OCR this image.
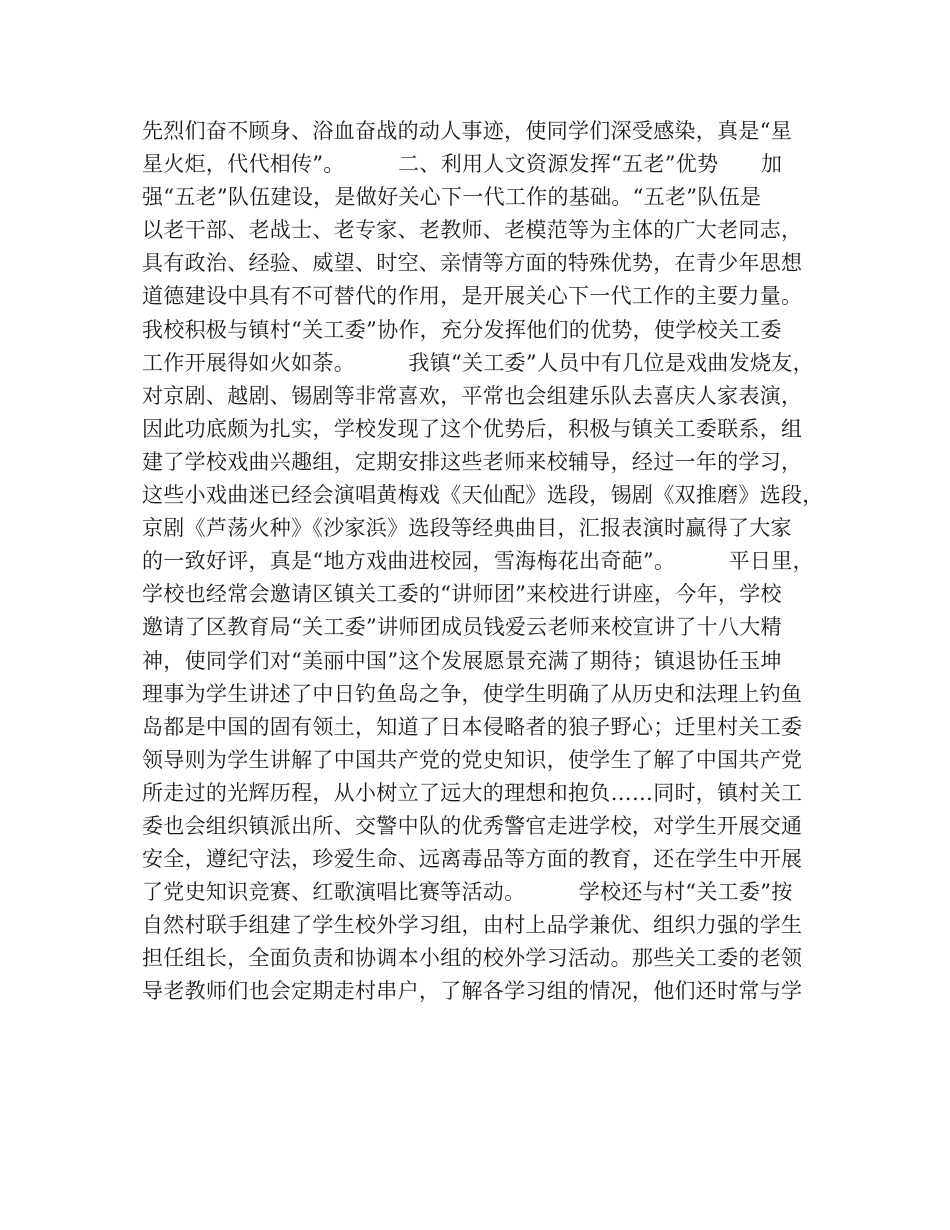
先烈们奋不顾身、浴血奋战的动人事迹，使同学们深受感染，真是“星
星火炬，代代相传”。　　　二、利用人文资源发挥“五老”优势　　加
强“五老”队伍建设，是做好关心下一代工作的基础。“五老”队伍是
以老干部、老战士、老专家、老教师、老模范等为主体的广大老同志，
具有政治、经验、威望、时空、亲情等方面的特殊优势，在青少年思想
道德建设中具有不可替代的作用，是开展关心下一代工作的主要力量。
我校积极与镇村“关工委”协作，充分发挥他们的优势，使学校关工委
工作开展得如火如荼。　　　我镇“关工委”人员中有几位是戏曲发烧友，
对京剧、越剧、锡剧等非常喜欢，平常也会组建乐队去喜庆人家表演，
因此功底颇为扎实，学校发现了这个优势后，积极与镇关工委联系，组
建了学校戏曲兴趣组，定期安排这些老师来校辅导，经过一年的学习，
这些小戏曲迷已经会演唱黄梅戏《天仙配》选段，锡剧《双推磨》选段，
京剧《芦荡火种》《沙家浜》选段等经典曲目，汇报表演时赢得了大家
的一致好评，真是“地方戏曲进校园，雪海梅花出奇葩”。　　　平日里，
学校也经常会邀请区镇关工委的“讲师团”来校进行讲座，今年，学校
邀请了区教育局“关工委”讲师团成员钱爱云老师来校宣讲了十八大精
神，使同学们对“美丽中国”这个发展愿景充满了期待；镇退协任玉坤
理事为学生讲述了中日钓鱼岛之争，使学生明确了从历史和法理上钓鱼
岛都是中国的固有领土，知道了日本侵略者的狼子野心；迁里村关工委
领导则为学生讲解了中国共产党的党史知识，使学生了解了中国共产党
所走过的光辉历程，从小树立了远大的理想和抱负……同时，镇村关工
委也会组织镇派出所、交警中队的优秀警官走进学校，对学生开展交通
安全，遵纪守法，珍爱生命、远离毒品等方面的教育，还在学生中开展
了党史知识竞赛、红歌演唱比赛等活动。　　　学校还与村“关工委”按
自然村联手组建了学生校外学习组，由村上品学兼优、组织力强的学生
担任组长，全面负责和协调本小组的校外学习活动。那些关工委的老领
导老教师们也会定期走村串户，了解各学习组的情况，他们还时常与学
